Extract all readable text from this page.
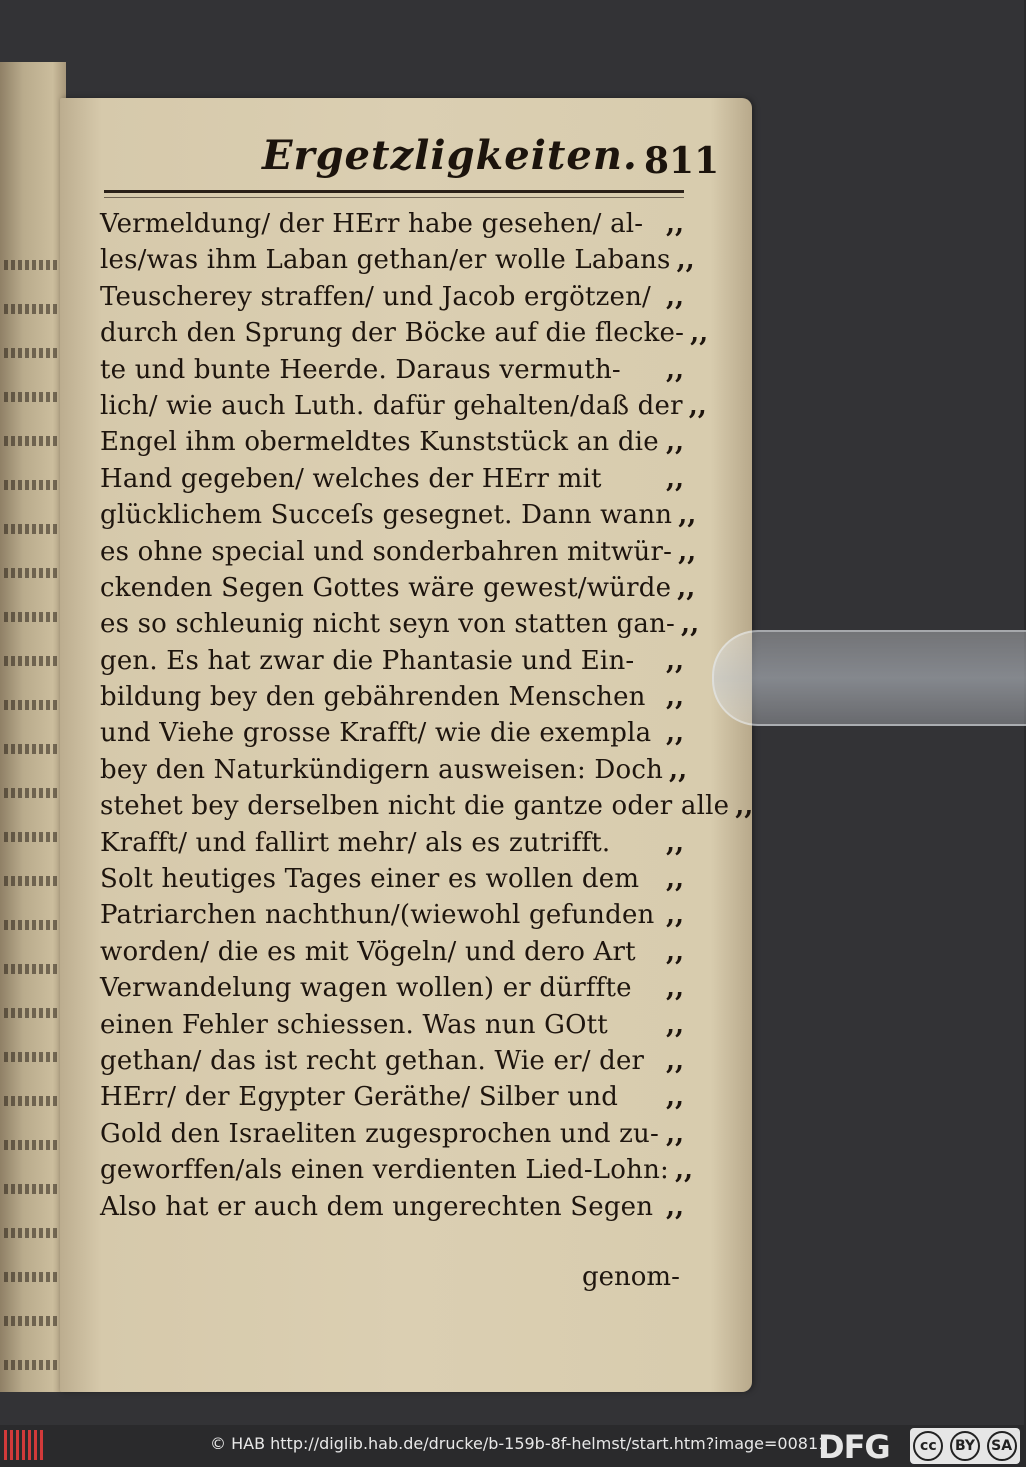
Ergetzligkeiten. 811
Vermeldung/ der HErr habe gesehen/ al- ,,
les/was ihm Laban gethan/er wolle Labans ,,
Teuscherey straffen/ und Jacob ergötzen/ ,,
durch den Sprung der Böcke auf die flecke- ,,
te und bunte Heerde. Daraus vermuth-	,,
lich/ wie auch Luth. dafür gehalten/daß der ,,
Engel ihm obermeldtes Kunststück an die ,,
Hand gegeben/ welches der HErr mit	,,
glücklichem Succeſs gesegnet. Dann wann ,,
es ohne special und sonderbahren mitwür- ,,
ckenden Segen Gottes wäre gewest/würde ,,
es so schleunig nicht seyn von statten gan- ,,
gen. Es hat zwar die Phantasie und Ein-	,,
bildung bey den gebährenden Menschen ,,
und Viehe grosse Krafft/ wie die exempla ,,
bey den Naturkündigern ausweisen: Doch ,,
stehet bey derselben nicht die gantze oder alle ,,
Krafft/ und fallirt mehr/ als es zutrifft.	,,
Solt heutiges Tages einer es wollen dem	,,
Patriarchen nachthun/(wiewohl gefunden ,,
worden/ die es mit Vögeln/ und dero Art	,,
Verwandelung wagen wollen) er dürffte	,,
einen Fehler schiessen. Was nun GOtt	,,
gethan/ das ist recht gethan. Wie er/ der ,,
HErr/ der Egypter Geräthe/ Silber und	,,
Gold den Israeliten zugesprochen und zu- ,,
geworffen/als einen verdienten Lied-Lohn: ,,
Also hat er auch dem ungerechten Segen ,,
genom-
© HAB http://diglib.hab.de/drucke/b-159b-8f-helmst/start.htm?image=00811
DFG	cc	BY	SA
